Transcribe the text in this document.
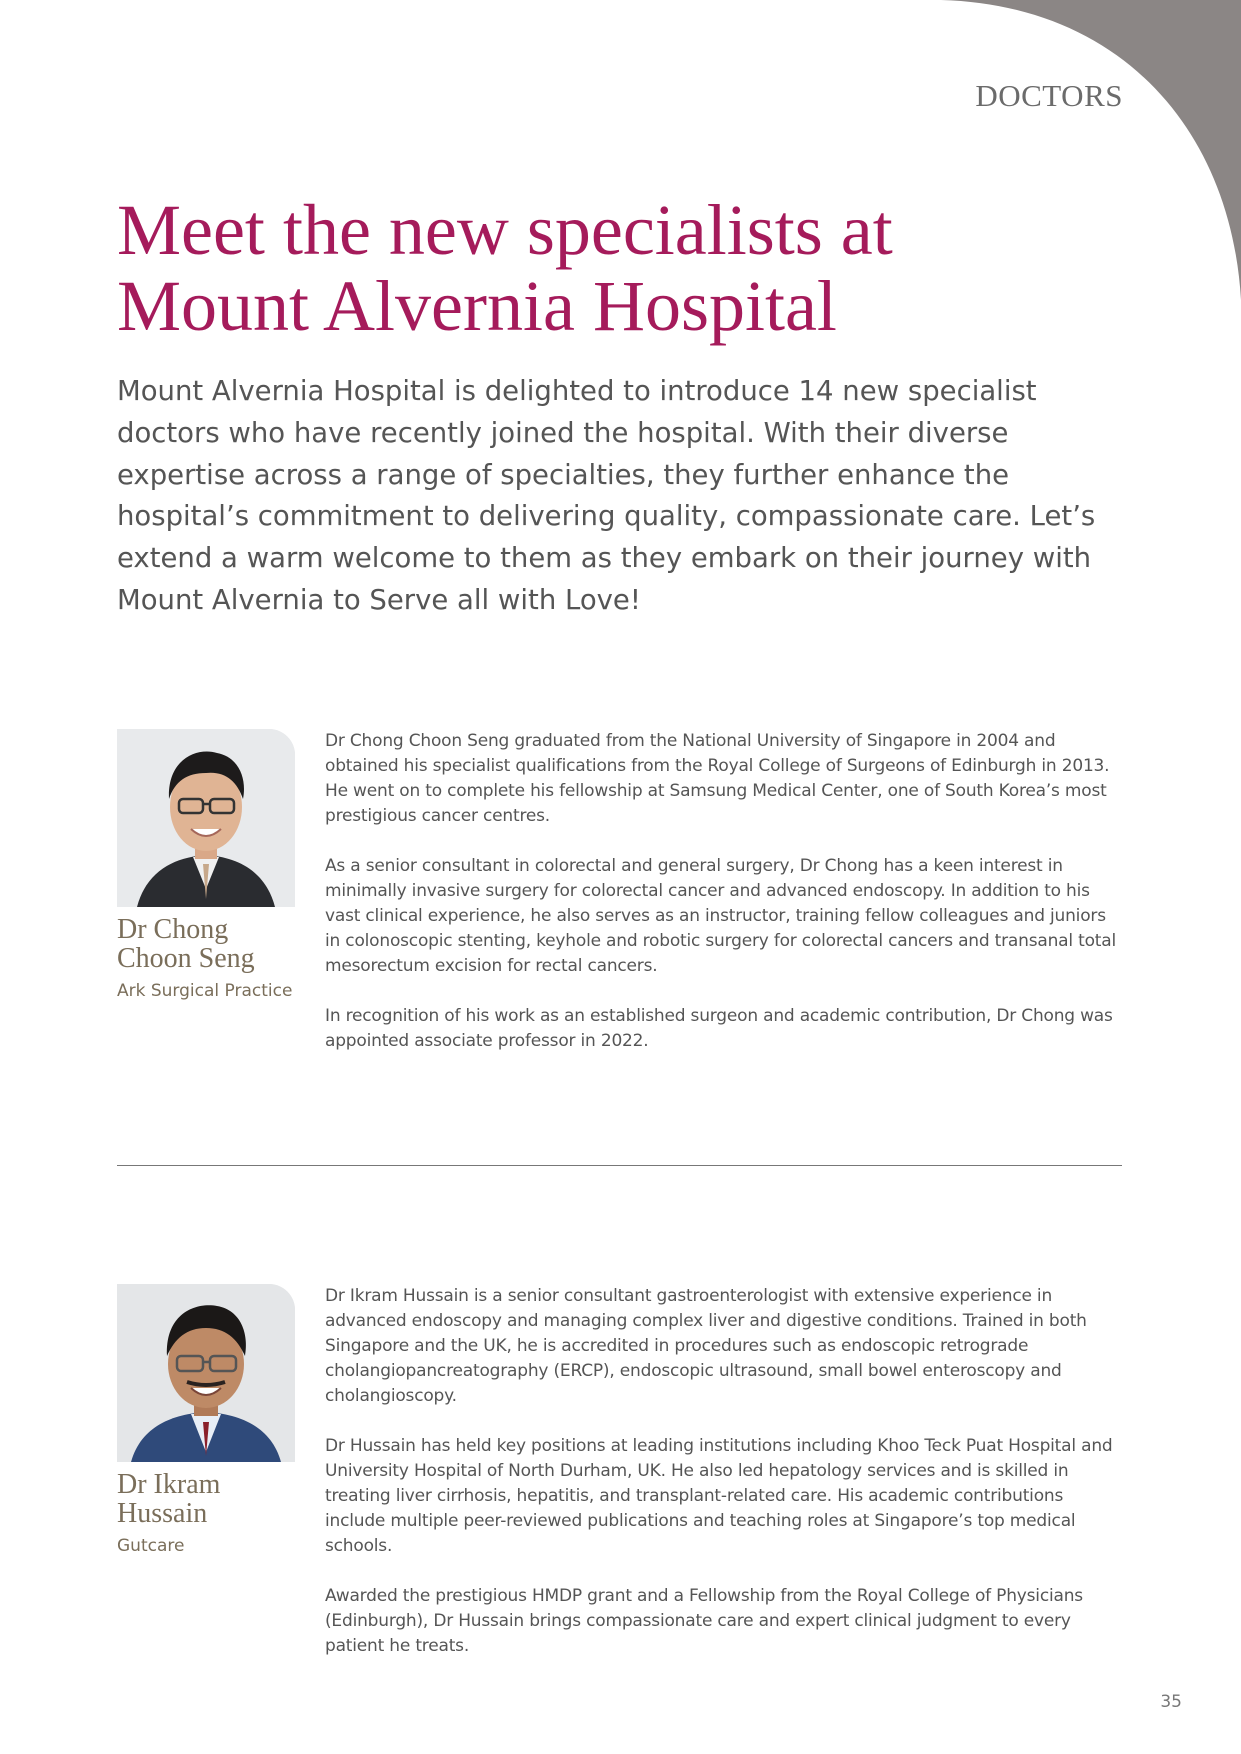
DOCTORS
Meet the new specialists at
Mount Alvernia Hospital

Mount Alvernia Hospital is delighted to introduce 14 new specialist doctors who have recently joined the hospital. With their diverse expertise across a range of specialties, they further enhance the hospital’s commitment to delivering quality, compassionate care. Let’s extend a warm welcome to them as they embark on their journey with Mount Alvernia to Serve all with Love!

Dr Chong
Choon Seng
Ark Surgical Practice

Dr Chong Choon Seng graduated from the National University of Singapore in 2004 and obtained his specialist qualifications from the Royal College of Surgeons of Edinburgh in 2013. He went on to complete his fellowship at Samsung Medical Center, one of South Korea’s most prestigious cancer centres.

As a senior consultant in colorectal and general surgery, Dr Chong has a keen interest in minimally invasive surgery for colorectal cancer and advanced endoscopy. In addition to his vast clinical experience, he also serves as an instructor, training fellow colleagues and juniors in colonoscopic stenting, keyhole and robotic surgery for colorectal cancers and transanal total mesorectum excision for rectal cancers.

In recognition of his work as an established surgeon and academic contribution, Dr Chong was appointed associate professor in 2022.

Dr Ikram
Hussain
Gutcare

Dr Ikram Hussain is a senior consultant gastroenterologist with extensive experience in advanced endoscopy and managing complex liver and digestive conditions. Trained in both Singapore and the UK, he is accredited in procedures such as endoscopic retrograde cholangiopancreatography (ERCP), endoscopic ultrasound, small bowel enteroscopy and cholangioscopy.

Dr Hussain has held key positions at leading institutions including Khoo Teck Puat Hospital and University Hospital of North Durham, UK. He also led hepatology services and is skilled in treating liver cirrhosis, hepatitis, and transplant-related care. His academic contributions include multiple peer-reviewed publications and teaching roles at Singapore’s top medical schools.

Awarded the prestigious HMDP grant and a Fellowship from the Royal College of Physicians (Edinburgh), Dr Hussain brings compassionate care and expert clinical judgment to every patient he treats.

35
